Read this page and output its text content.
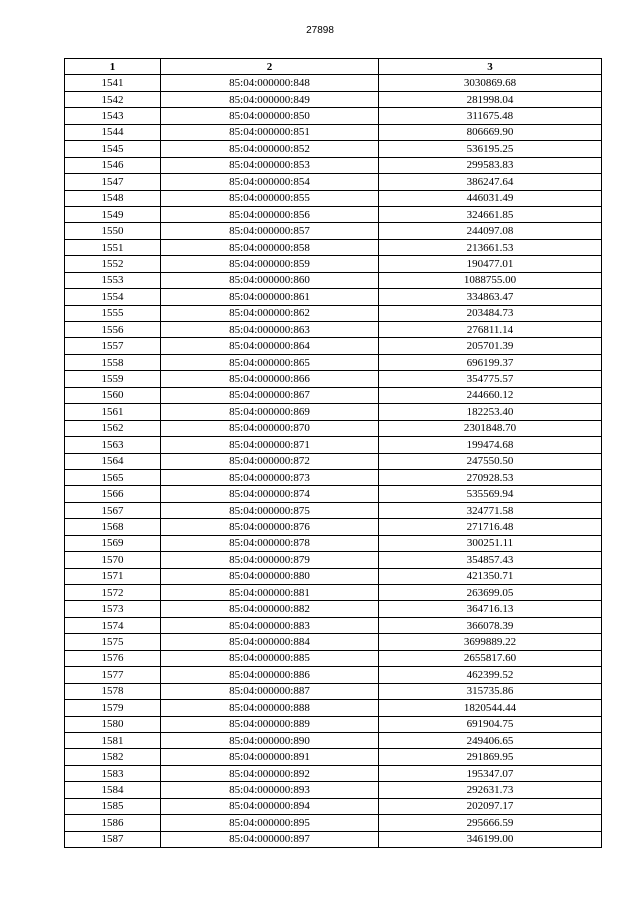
27898
1	2	3
1541	85:04:000000:848	3030869.68
1542	85:04:000000:849	281998.04
1543	85:04:000000:850	311675.48
1544	85:04:000000:851	806669.90
1545	85:04:000000:852	536195.25
1546	85:04:000000:853	299583.83
1547	85:04:000000:854	386247.64
1548	85:04:000000:855	446031.49
1549	85:04:000000:856	324661.85
1550	85:04:000000:857	244097.08
1551	85:04:000000:858	213661.53
1552	85:04:000000:859	190477.01
1553	85:04:000000:860	1088755.00
1554	85:04:000000:861	334863.47
1555	85:04:000000:862	203484.73
1556	85:04:000000:863	276811.14
1557	85:04:000000:864	205701.39
1558	85:04:000000:865	696199.37
1559	85:04:000000:866	354775.57
1560	85:04:000000:867	244660.12
1561	85:04:000000:869	182253.40
1562	85:04:000000:870	2301848.70
1563	85:04:000000:871	199474.68
1564	85:04:000000:872	247550.50
1565	85:04:000000:873	270928.53
1566	85:04:000000:874	535569.94
1567	85:04:000000:875	324771.58
1568	85:04:000000:876	271716.48
1569	85:04:000000:878	300251.11
1570	85:04:000000:879	354857.43
1571	85:04:000000:880	421350.71
1572	85:04:000000:881	263699.05
1573	85:04:000000:882	364716.13
1574	85:04:000000:883	366078.39
1575	85:04:000000:884	3699889.22
1576	85:04:000000:885	2655817.60
1577	85:04:000000:886	462399.52
1578	85:04:000000:887	315735.86
1579	85:04:000000:888	1820544.44
1580	85:04:000000:889	691904.75
1581	85:04:000000:890	249406.65
1582	85:04:000000:891	291869.95
1583	85:04:000000:892	195347.07
1584	85:04:000000:893	292631.73
1585	85:04:000000:894	202097.17
1586	85:04:000000:895	295666.59
1587	85:04:000000:897	346199.00
